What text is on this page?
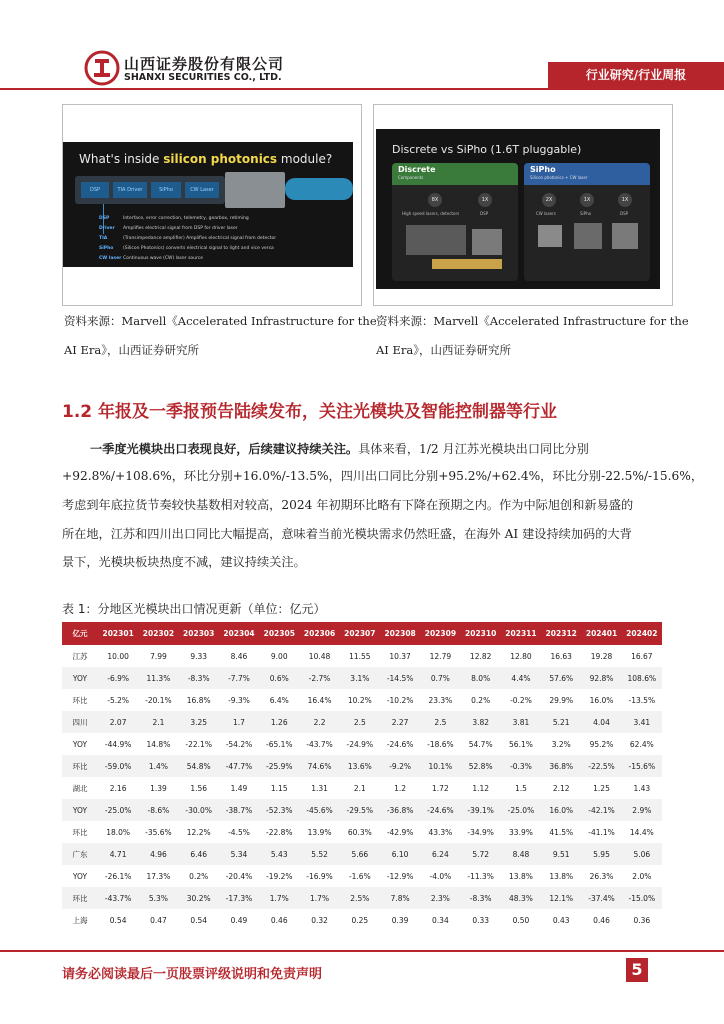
山西证券股份有限公司
SHANXI SECURITIES CO., LTD.	行业研究/行业周报
What's inside silicon photonics module?
DSP	TIA Driver	SiPho	CW Laser
DSP	Interface, error correction, telemetry, gearbox, retiming
Driver Amplifies electrical signal from DSP for driver laser
TIA	(Transimpedance amplifier) Amplifies electrical signal from detector
SiPho (Silicon Photonics) converts electrical signal to light and vice versa
CW laser Continuous wave (CW) laser source
Discrete vs SiPho (1.6T pluggable)
Discrete
Components
8X	1X
High speed lasers, detectors	DSP
SiPho
Silicon photonics + CW laser
2X	1X	1X
CW lasers	SiPho	DSP
资料来源：Marvell《Accelerated Infrastructure for the
AI Era》，山西证券研究所
资料来源：Marvell《Accelerated Infrastructure for the
AI Era》，山西证券研究所
1.2 年报及一季报预告陆续发布，关注光模块及智能控制器等行业
一季度光模块出口表现良好，后续建议持续关注。具体来看，1/2 月江苏光模块出口同比分别
+92.8%/+108.6%，环比分别+16.0%/-13.5%，四川出口同比分别+95.2%/+62.4%，环比分别-22.5%/-15.6%，
考虑到年底拉货节奏较快基数相对较高，2024 年初期环比略有下降在预期之内。作为中际旭创和新易盛的
所在地，江苏和四川出口同比大幅提高，意味着当前光模块需求仍然旺盛，在海外 AI 建设持续加码的大背
景下，光模块板块热度不减，建议持续关注。
表 1：分地区光模块出口情况更新（单位：亿元）
亿元	202301	202302	202303	202304	202305	202306	202307	202308	202309	202310	202311	202312	202401	202402
江苏	10.00	7.99	9.33	8.46	9.00	10.48	11.55	10.37	12.79	12.82	12.80	16.63	19.28	16.67
YOY	-6.9%	11.3%	-8.3%	-7.7%	0.6%	-2.7%	3.1%	-14.5%	0.7%	8.0%	4.4%	57.6%	92.8%	108.6%
环比	-5.2%	-20.1%	16.8%	-9.3%	6.4%	16.4%	10.2%	-10.2%	23.3%	0.2%	-0.2%	29.9%	16.0%	-13.5%
四川	2.07	2.1	3.25	1.7	1.26	2.2	2.5	2.27	2.5	3.82	3.81	5.21	4.04	3.41
YOY	-44.9%	14.8%	-22.1%	-54.2%	-65.1%	-43.7%	-24.9%	-24.6%	-18.6%	54.7%	56.1%	3.2%	95.2%	62.4%
环比	-59.0%	1.4%	54.8%	-47.7%	-25.9%	74.6%	13.6%	-9.2%	10.1%	52.8%	-0.3%	36.8%	-22.5%	-15.6%
湖北	2.16	1.39	1.56	1.49	1.15	1.31	2.1	1.2	1.72	1.12	1.5	2.12	1.25	1.43
YOY	-25.0%	-8.6%	-30.0%	-38.7%	-52.3%	-45.6%	-29.5%	-36.8%	-24.6%	-39.1%	-25.0%	16.0%	-42.1%	2.9%
环比	18.0%	-35.6%	12.2%	-4.5%	-22.8%	13.9%	60.3%	-42.9%	43.3%	-34.9%	33.9%	41.5%	-41.1%	14.4%
广东	4.71	4.96	6.46	5.34	5.43	5.52	5.66	6.10	6.24	5.72	8.48	9.51	5.95	5.06
YOY	-26.1%	17.3%	0.2%	-20.4%	-19.2%	-16.9%	-1.6%	-12.9%	-4.0%	-11.3%	13.8%	13.8%	26.3%	2.0%
环比	-43.7%	5.3%	30.2%	-17.3%	1.7%	1.7%	2.5%	7.8%	2.3%	-8.3%	48.3%	12.1%	-37.4%	-15.0%
上海	0.54	0.47	0.54	0.49	0.46	0.32	0.25	0.39	0.34	0.33	0.50	0.43	0.46	0.36
请务必阅读最后一页股票评级说明和免责声明	5
